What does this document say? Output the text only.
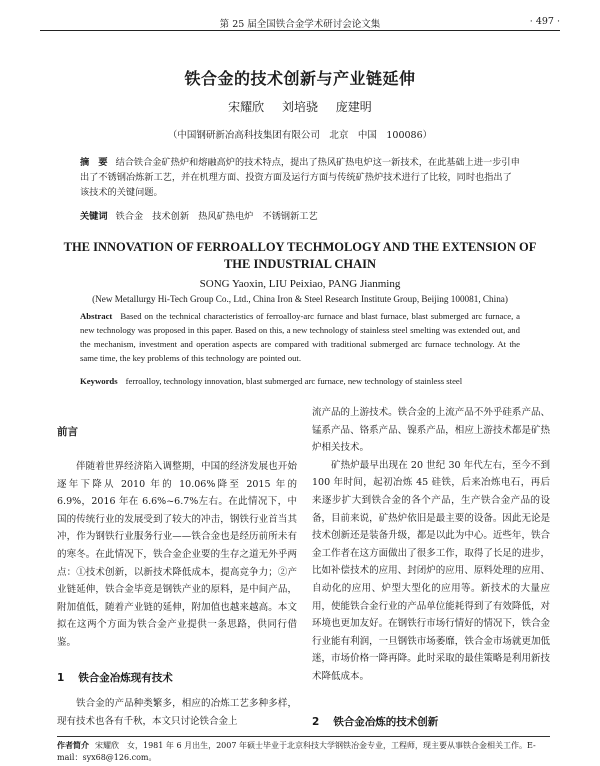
第 25 届全国铁合金学术研讨会论文集	· 497 ·
铁合金的技术创新与产业链延伸
宋耀欣 刘培骁 庞建明
（中国钢研新冶高科技集团有限公司　北京　中国　100086）
摘　要 结合铁合金矿热炉和熔融高炉的技术特点，提出了热风矿热电炉这一新技术，在此基础上进一步引申出了不锈钢冶炼新工艺，并在机理方面、投资方面及运行方面与传统矿热炉技术进行了比较，同时也指出了该技术的关键问题。
关键词 铁合金　技术创新　热风矿热电炉　不锈钢新工艺
THE INNOVATION OF FERROALLOY TECHMOLOGY AND THE EXTENSION OF THE INDUSTRIAL CHAIN
SONG Yaoxin, LIU Peixiao, PANG Jianming
(New Metallurgy Hi-Tech Group Co., Ltd., China Iron & Steel Research Institute Group, Beijing 100081, China)
Abstract Based on the technical characteristics of ferroalloy-arc furnace and blast furnace, blast submerged arc furnace, a new technology was proposed in this paper. Based on this, a new technology of stainless steel smelting was extended out, and the mechanism, investment and operation aspects are compared with traditional submerged arc furnace technology. At the same time, the key problems of this technology are pointed out.
Keywords ferroalloy, technology innovation, blast submerged arc furnace, new technology of stainless steel
前言

伴随着世界经济陷入调整期，中国的经济发展也开始逐年下降从 2010 年的 10.06%降至 2015 年的 6.9%，2016 年在 6.6%~6.7%左右。在此情况下，中国的传统行业的发展受到了较大的冲击，钢铁行业首当其冲，作为钢铁行业服务行业——铁合金也是经历前所未有的寒冬。在此情况下，铁合金企业要的生存之道无外乎两点：①技术创新，以新技术降低成本，提高竞争力；②产业链延伸，铁合金毕竟是钢铁产业的原料，是中间产品，附加值低，随着产业链的延伸，附加值也越来越高。本文拟在这两个方面为铁合金产业提供一条思路，供同行借鉴。

1 铁合金冶炼现有技术

铁合金的产品种类繁多，相应的冶炼工艺多种多样，现有技术也各有千秋，本文只讨论铁合金上

流产品的上游技术。铁合金的上流产品不外乎硅系产品、锰系产品、铬系产品、镍系产品，相应上游技术都是矿热炉相关技术。

矿热炉最早出现在 20 世纪 30 年代左右，至今不到 100 年时间，起初冶炼 45 硅铁，后来冶炼电石，再后来逐步扩大到铁合金的各个产品，生产铁合金产品的设备，目前来说，矿热炉依旧是最主要的设备。因此无论是技术创新还是装备升级，都是以此为中心。近些年，铁合金工作者在这方面做出了很多工作，取得了长足的进步，比如补偿技术的应用、封闭炉的应用、原料处理的应用、自动化的应用、炉型大型化的应用等。新技术的大量应用，使能铁合金行业的产品单位能耗得到了有效降低，对环境也更加友好。在钢铁行市场行情好的情况下，铁合金行业能有利润，一旦钢铁市场萎靡，铁合金市场就更加低迷，市场价格一降再降。此时采取的最佳策略是利用新技术降低成本。

2 铁合金冶炼的技术创新
作者简介 宋耀欣　女，1981 年 6 月出生，2007 年硕士毕业于北京科技大学钢铁冶金专业，工程师，现主要从事铁合金相关工作。E-mail：syx68@126.com。
